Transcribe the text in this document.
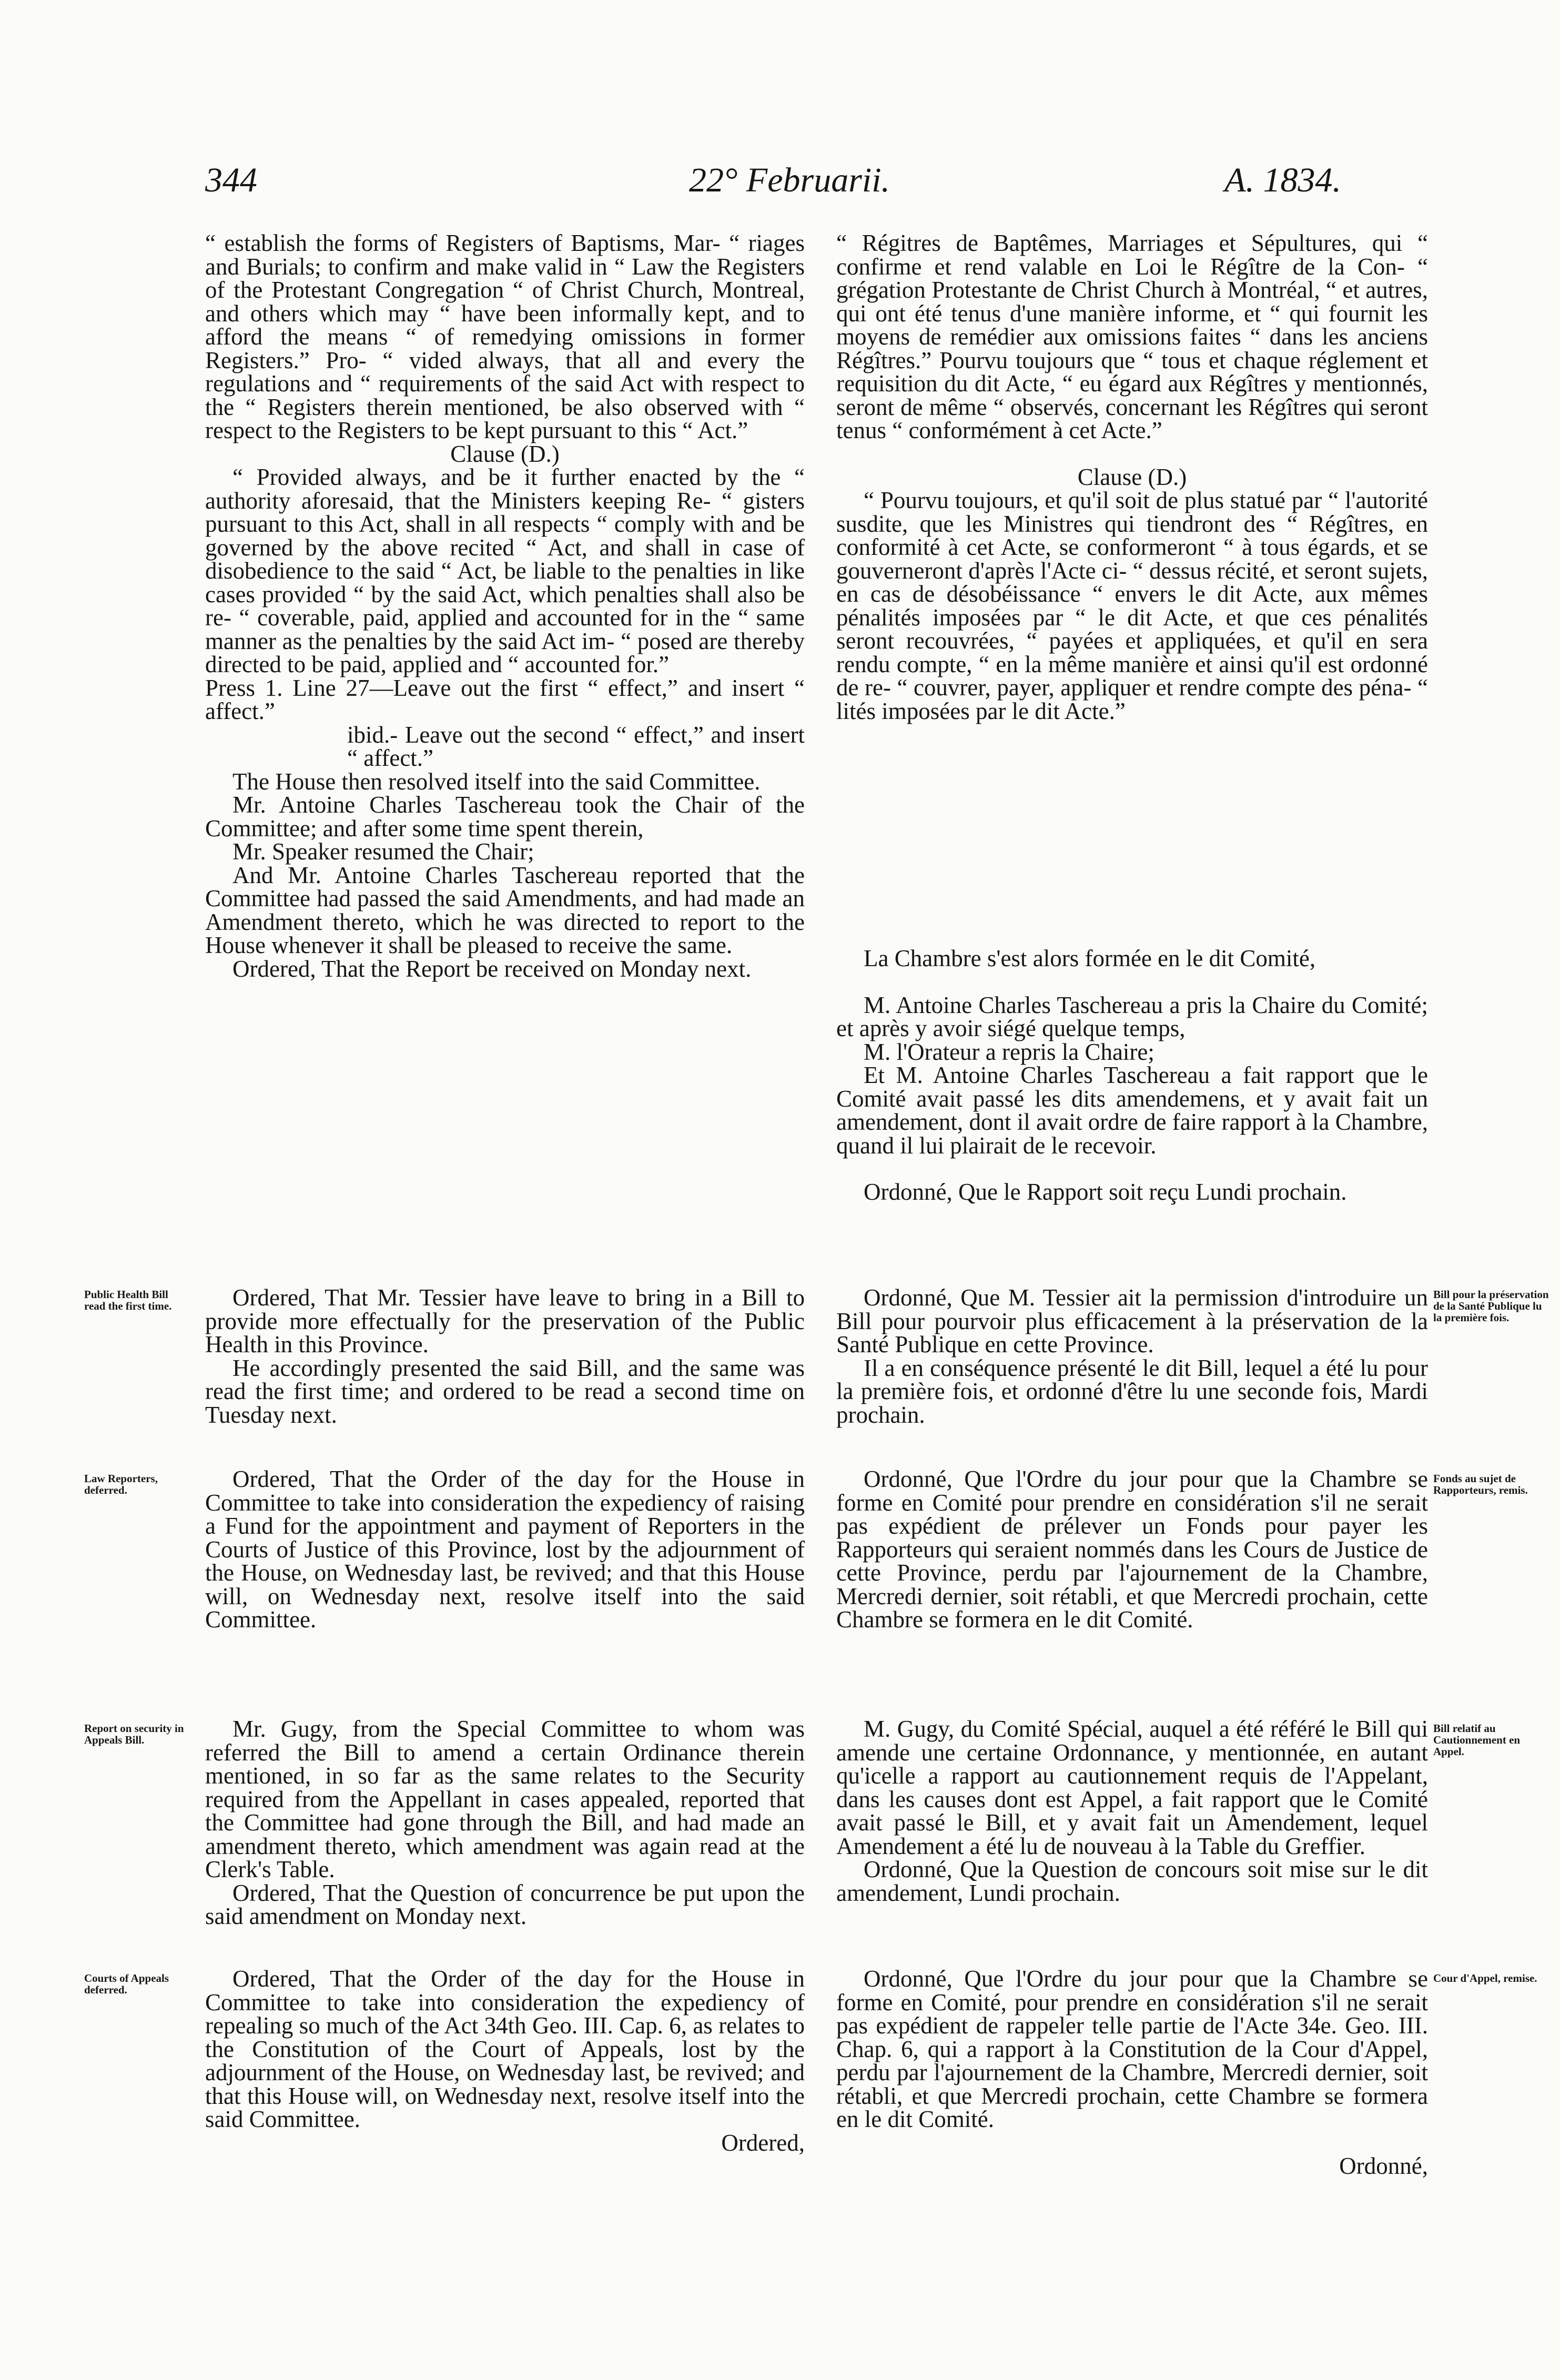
344	22° Februarii.	A. 1834.

“ establish the forms of Registers of Baptisms, Mar- “ riages and Burials; to confirm and make valid in “ Law the Registers of the Protestant Congregation “ of Christ Church, Montreal, and others which may “ have been informally kept, and to afford the means “ of remedying omissions in former Registers.” Pro- “ vided always, that all and every the regulations and “ requirements of the said Act with respect to the “ Registers therein mentioned, be also observed with “ respect to the Registers to be kept pursuant to this “ Act.”

Clause (D.)

“ Provided always, and be it further enacted by the “ authority aforesaid, that the Ministers keeping Re- “ gisters pursuant to this Act, shall in all respects “ comply with and be governed by the above recited “ Act, and shall in case of disobedience to the said “ Act, be liable to the penalties in like cases provided “ by the said Act, which penalties shall also be re- “ coverable, paid, applied and accounted for in the “ same manner as the penalties by the said Act im- “ posed are thereby directed to be paid, applied and “ accounted for.”

Press 1. Line 27—Leave out the first “ effect,” and insert “ affect.”

ibid.- Leave out the second “ effect,” and insert “ affect.”

The House then resolved itself into the said Committee.

Mr. Antoine Charles Taschereau took the Chair of the Committee; and after some time spent therein,

Mr. Speaker resumed the Chair;

And Mr. Antoine Charles Taschereau reported that the Committee had passed the said Amendments, and had made an Amendment thereto, which he was directed to report to the House whenever it shall be pleased to receive the same.

Ordered, That the Report be received on Monday next.

Ordered, That Mr. Tessier have leave to bring in a Bill to provide more effectually for the preservation of the Public Health in this Province.

He accordingly presented the said Bill, and the same was read the first time; and ordered to be read a second time on Tuesday next.

Ordered, That the Order of the day for the House in Committee to take into consideration the expediency of raising a Fund for the appointment and payment of Reporters in the Courts of Justice of this Province, lost by the adjournment of the House, on Wednesday last, be revived; and that this House will, on Wednesday next, resolve itself into the said Committee.

Mr. Gugy, from the Special Committee to whom was referred the Bill to amend a certain Ordinance therein mentioned, in so far as the same relates to the Security required from the Appellant in cases appealed, reported that the Committee had gone through the Bill, and had made an amendment thereto, which amendment was again read at the Clerk's Table.

Ordered, That the Question of concurrence be put upon the said amendment on Monday next.

Ordered, That the Order of the day for the House in Committee to take into consideration the expediency of repealing so much of the Act 34th Geo. III. Cap. 6, as relates to the Constitution of the Court of Appeals, lost by the adjournment of the House, on Wednesday last, be revived; and that this House will, on Wednesday next, resolve itself into the said Committee.

Ordered,

“ Régitres de Baptêmes, Marriages et Sépultures, qui “ confirme et rend valable en Loi le Régître de la Con- “ grégation Protestante de Christ Church à Montréal, “ et autres, qui ont été tenus d'une manière informe, et “ qui fournit les moyens de remédier aux omissions faites “ dans les anciens Régîtres.” Pourvu toujours que “ tous et chaque réglement et requisition du dit Acte, “ eu égard aux Régîtres y mentionnés, seront de même “ observés, concernant les Régîtres qui seront tenus “ conformément à cet Acte.”

Clause (D.)

“ Pourvu toujours, et qu'il soit de plus statué par “ l'autorité susdite, que les Ministres qui tiendront des “ Régîtres, en conformité à cet Acte, se conformeront “ à tous égards, et se gouverneront d'après l'Acte ci- “ dessus récité, et seront sujets, en cas de désobéissance “ envers le dit Acte, aux mêmes pénalités imposées par “ le dit Acte, et que ces pénalités seront recouvrées, “ payées et appliquées, et qu'il en sera rendu compte, “ en la même manière et ainsi qu'il est ordonné de re- “ couvrer, payer, appliquer et rendre compte des péna- “ lités imposées par le dit Acte.”

La Chambre s'est alors formée en le dit Comité,

M. Antoine Charles Taschereau a pris la Chaire du Comité; et après y avoir siégé quelque temps,

M. l'Orateur a repris la Chaire;

Et M. Antoine Charles Taschereau a fait rapport que le Comité avait passé les dits amendemens, et y avait fait un amendement, dont il avait ordre de faire rapport à la Chambre, quand il lui plairait de le recevoir.

Ordonné, Que le Rapport soit reçu Lundi prochain.

Ordonné, Que M. Tessier ait la permission d'introduire un Bill pour pourvoir plus efficacement à la préservation de la Santé Publique en cette Province.

Il a en conséquence présenté le dit Bill, lequel a été lu pour la première fois, et ordonné d'être lu une seconde fois, Mardi prochain.

Ordonné, Que l'Ordre du jour pour que la Chambre se forme en Comité pour prendre en considération s'il ne serait pas expédient de prélever un Fonds pour payer les Rapporteurs qui seraient nommés dans les Cours de Justice de cette Province, perdu par l'ajournement de la Chambre, Mercredi dernier, soit rétabli, et que Mercredi prochain, cette Chambre se formera en le dit Comité.

M. Gugy, du Comité Spécial, auquel a été référé le Bill qui amende une certaine Ordonnance, y mentionnée, en autant qu'icelle a rapport au cautionnement requis de l'Appelant, dans les causes dont est Appel, a fait rapport que le Comité avait passé le Bill, et y avait fait un Amendement, lequel Amendement a été lu de nouveau à la Table du Greffier.

Ordonné, Que la Question de concours soit mise sur le dit amendement, Lundi prochain.

Ordonné, Que l'Ordre du jour pour que la Chambre se forme en Comité, pour prendre en considération s'il ne serait pas expédient de rappeler telle partie de l'Acte 34e. Geo. III. Chap. 6, qui a rapport à la Constitution de la Cour d'Appel, perdu par l'ajournement de la Chambre, Mercredi dernier, soit rétabli, et que Mercredi prochain, cette Chambre se formera en le dit Comité.

Ordonné,

Public Health Bill read the first time.
Law Reporters, deferred.
Report on security in Appeals Bill.
Courts of Appeals deferred.
Bill pour la préservation de la Santé Publique lu la première fois.
Fonds au sujet de Rapporteurs, remis.
Bill relatif au Cautionnement en Appel.
Cour d'Appel, remise.
